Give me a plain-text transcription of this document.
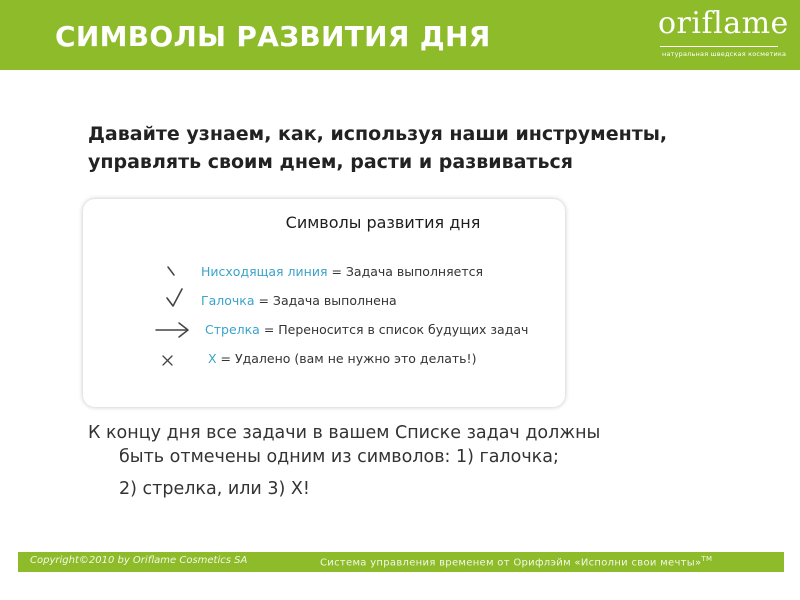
СИМВОЛЫ РАЗВИТИЯ ДНЯ	oriflame
натуральная шведская косметика
Давайте узнаем, как, используя наши инструменты,
управлять своим днем, расти и развиваться
Символы развития дня
Нисходящая линия = Задача выполняется
Галочка = Задача выполнена
Стрелка = Переносится в список будущих задач
X = Удалено (вам не нужно это делать!)
К концу дня все задачи в вашем Списке задач должны
быть отмечены одним из символов: 1) галочка;
2) стрелка, или 3) X!
Copyright©2010 by Oriflame Cosmetics SA	Система управления временем от Орифлэйм «Исполни свои мечты»™
